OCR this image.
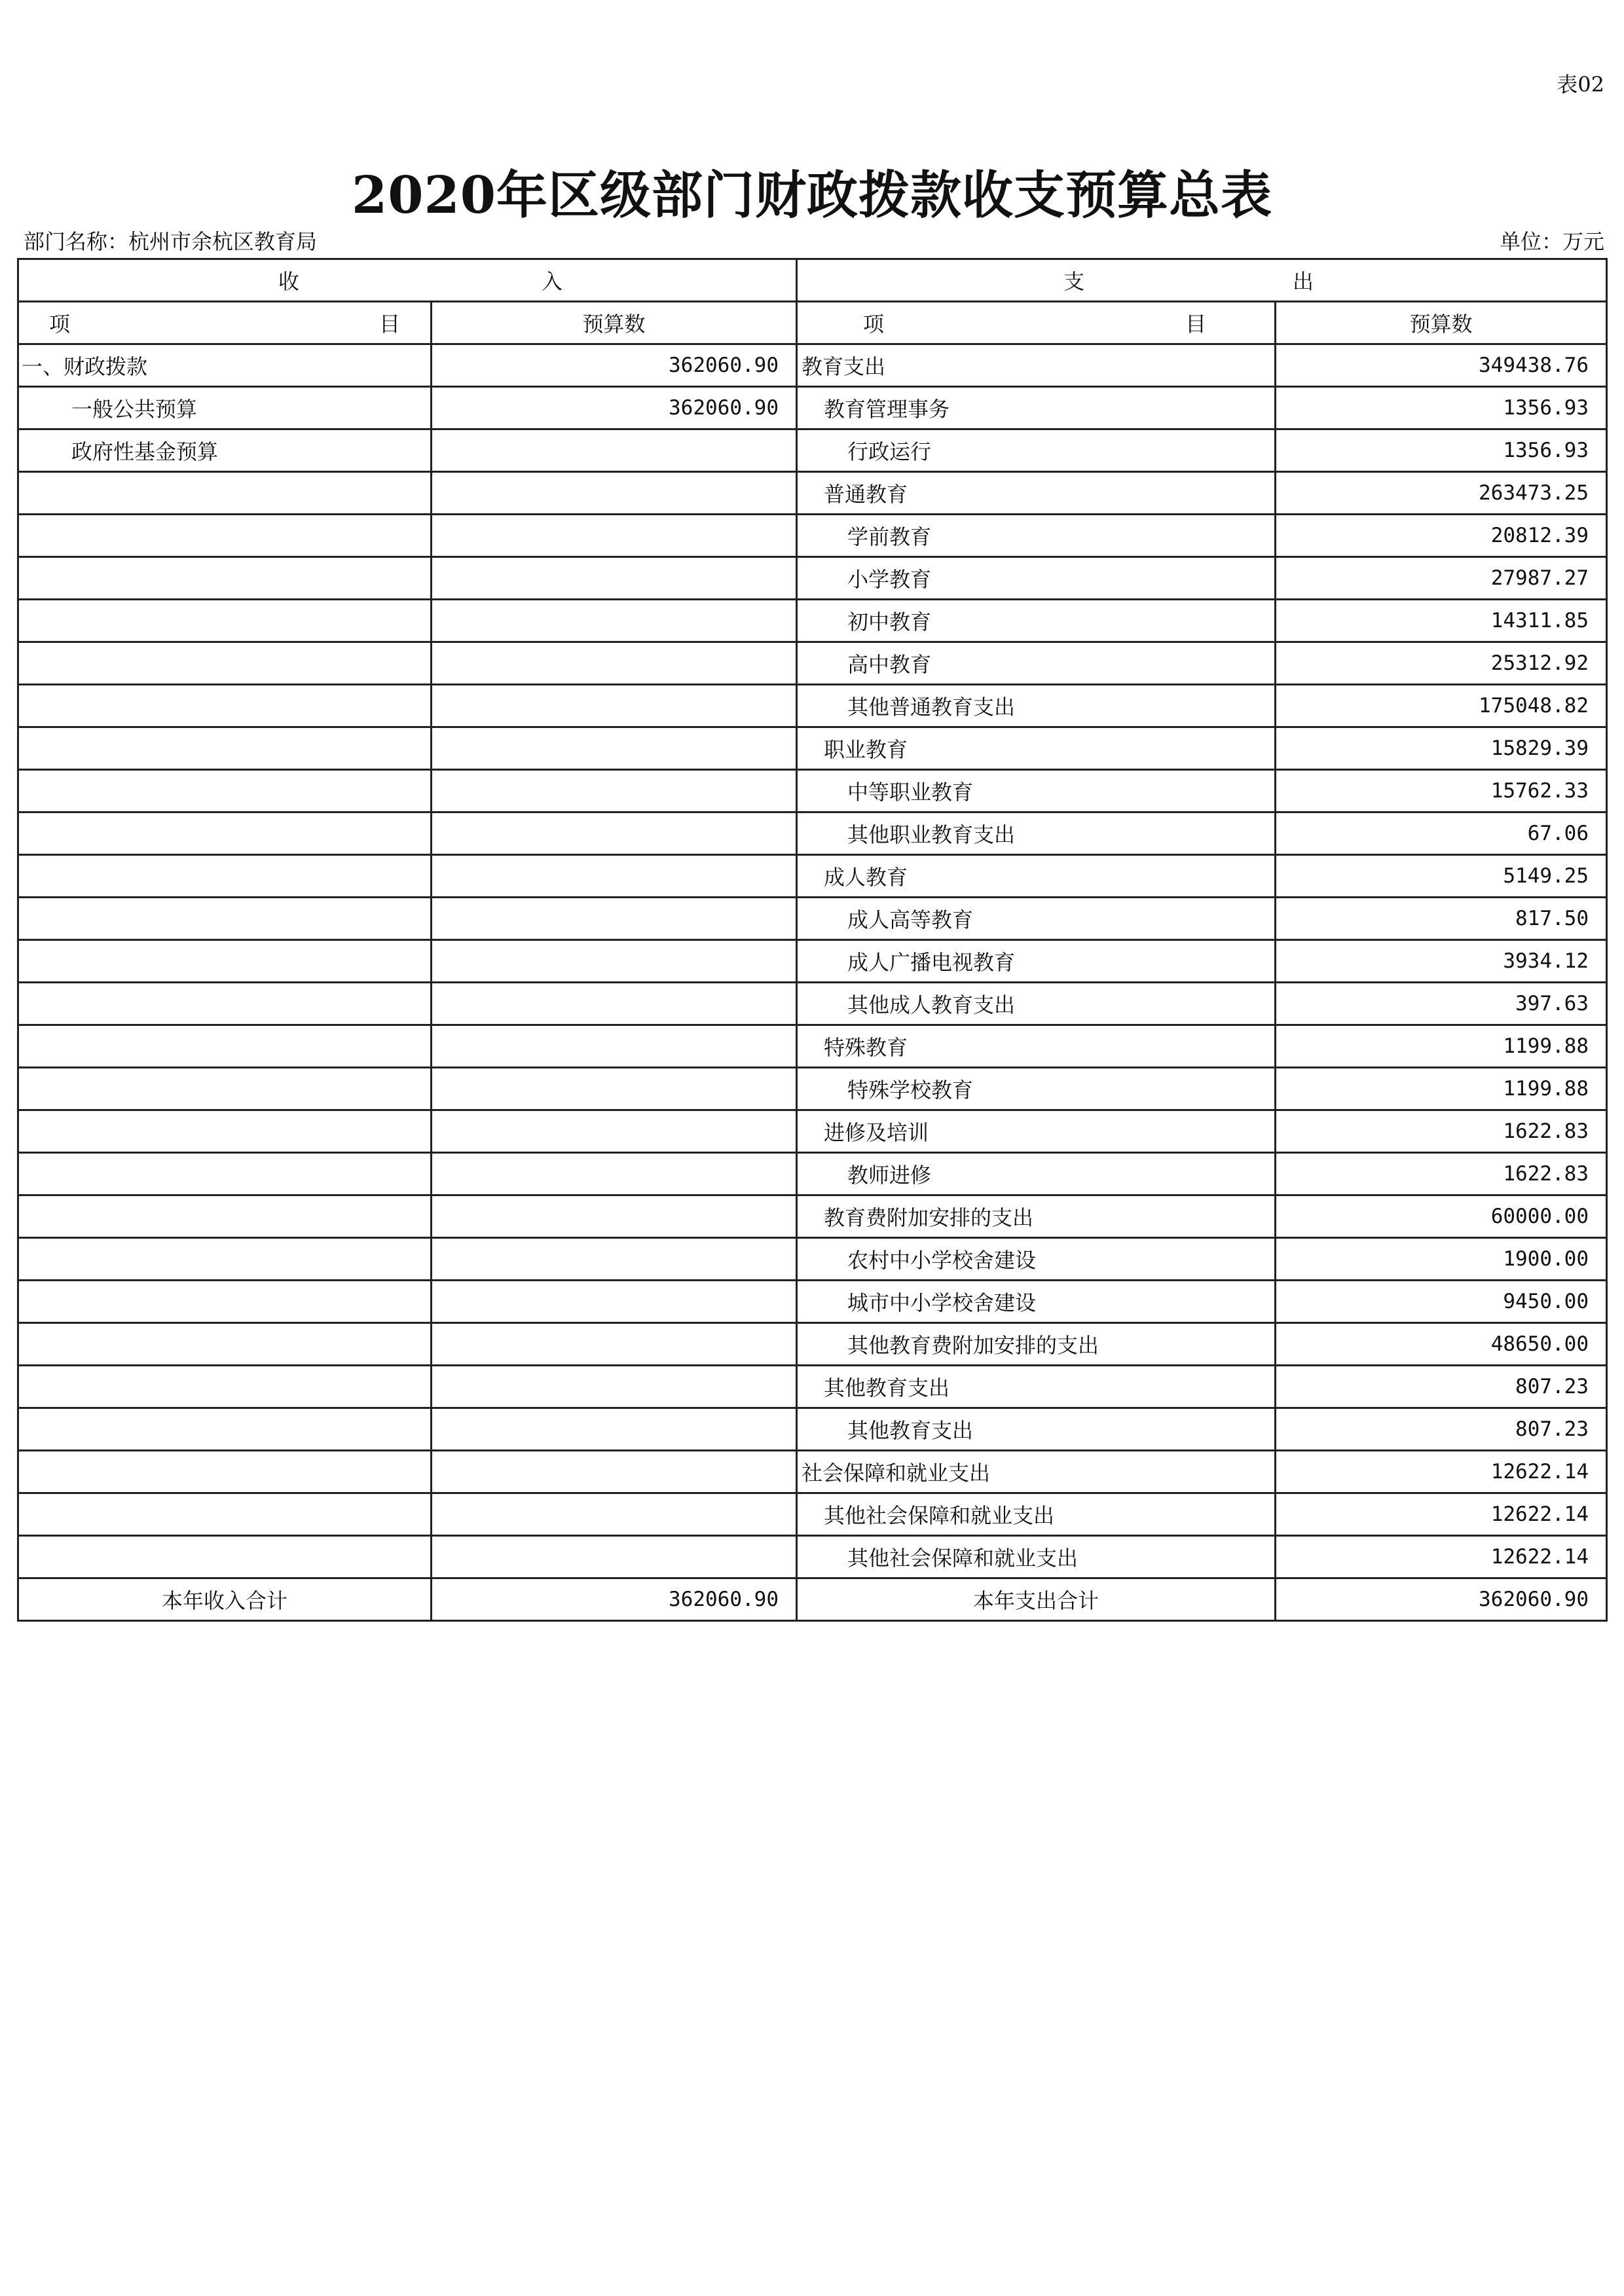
表02
2020年区级部门财政拨款收支预算总表
部门名称：杭州市余杭区教育局	单位：万元
收 入		支 出	

项 目	预算数	项 目	预算数
一、财政拨款	362060.90	教育支出	349438.76
一般公共预算	362060.90	教育管理事务	1356.93
政府性基金预算		行政运行	1356.93
		普通教育	263473.25
		学前教育	20812.39
		小学教育	27987.27
		初中教育	14311.85
		高中教育	25312.92
		其他普通教育支出	175048.82
		职业教育	15829.39
		中等职业教育	15762.33
		其他职业教育支出	67.06
		成人教育	5149.25
		成人高等教育	817.50
		成人广播电视教育	3934.12
		其他成人教育支出	397.63
		特殊教育	1199.88
		特殊学校教育	1199.88
		进修及培训	1622.83
		教师进修	1622.83
		教育费附加安排的支出	60000.00
		农村中小学校舍建设	1900.00
		城市中小学校舍建设	9450.00
		其他教育费附加安排的支出	48650.00
		其他教育支出	807.23
		其他教育支出	807.23
		社会保障和就业支出	12622.14
		其他社会保障和就业支出	12622.14
		其他社会保障和就业支出	12622.14
本年收入合计	362060.90	本年支出合计	362060.90
